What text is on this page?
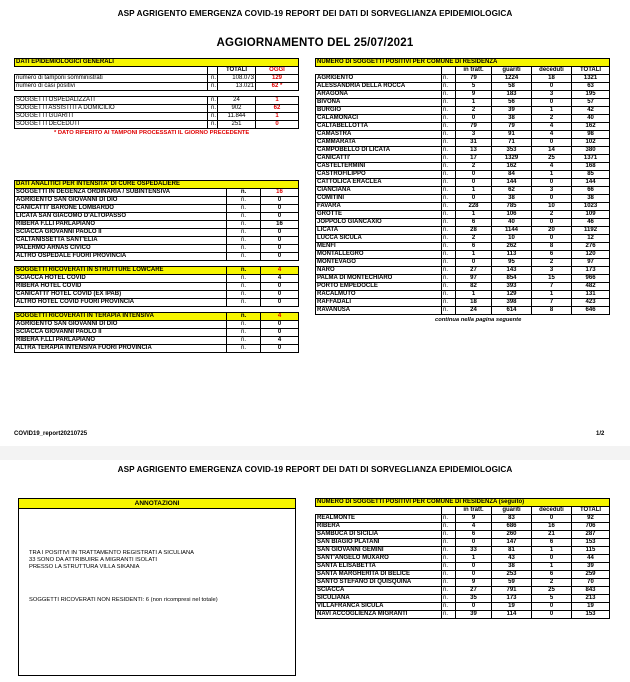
ASP AGRIGENTO EMERGENZA COVID-19 REPORT DEI DATI DI SORVEGLIANZA EPIDEMIOLOGICA
AGGIORNAMENTO DEL 25/07/2021
DATI EPIDEMIOLOGICI GENERALI			
		TOTALI	OGGI
numero di tamponi somministrati	n.	108.073	129
numero di casi positivi	n.	13.021	62 *

SOGGETTI OSPEDALIZZATI	n.	24	1
SOGGETTI ASSISTITI A DOMICILIO	n.	902	62
SOGGETTI GUARITI	n.	11.844	1
SOGGETTI DECEDUTI	n.	251	0
* DATO RIFERITO AI TAMPONI PROCESSATI IL GIORNO PRECEDENTE
DATI ANALITICI PER INTENSITA' DI CURE OSPEDALIERE		
SOGGETTI IN DEGENZA ORDINARIA / SUBINTENSIVA	n.	16
AGRIGENTO SAN GIOVANNI DI DIO	n.	0
CANICATTI' BARONE LOMBARDO	n.	0
LICATA SAN GIACOMO D'ALTOPASSO	n.	0
RIBERA F.LLI PARLAPIANO	n.	16
SCIACCA GIOVANNI PAOLO II	n.	0
CALTANISSETTA SANT'ELIA	n.	0
PALERMO ARNAS CIVICO	n.	0
ALTRO OSPEDALE FUORI PROVINCIA	n.	0

SOGGETTI RICOVERATI IN STRUTTURE LOWCARE	n.	4
SCIACCA HOTEL COVID	n.	4
RIBERA HOTEL COVID	n.	0
CANICATTI' HOTEL COVID (EX IPAB)	n.	0
ALTRO HOTEL COVID FUORI PROVINCIA	n.	0

SOGGETTI RICOVERATI IN TERAPIA INTENSIVA	n.	4
AGRIGENTO SAN GIOVANNI DI DIO	n.	0
SCIACCA GIOVANNI PAOLO II	n.	0
RIBERA F.LLI PARLAPIANO	n.	4
ALTRA TERAPIA INTENSIVA FUORI PROVINCIA	n.	0
NUMERO DI SOGGETTI POSITIVI PER COMUNE DI RESIDENZA					
		in tratt.	guariti	deceduti	TOTALI
AGRIGENTO	n.	79	1224	18	1321
ALESSANDRIA DELLA ROCCA	n.	5	58	0	63
ARAGONA	n.	9	183	3	195
BIVONA	n.	1	56	0	57
BURGIO	n.	2	39	1	42
CALAMONACI	n.	0	38	2	40
CALTABELLOTTA	n.	79	79	4	162
CAMASTRA	n.	3	91	4	98
CAMMARATA	n.	31	71	0	102
CAMPOBELLO DI LICATA	n.	13	353	14	380
CANICATTI'	n.	17	1329	25	1371
CASTELTERMINI	n.	2	162	4	168
CASTROFILIPPO	n.	0	84	1	85
CATTOLICA ERACLEA	n.	0	144	0	144
CIANCIANA	n.	1	62	3	66
COMITINI	n.	0	38	0	38
FAVARA	n.	228	785	10	1023
GROTTE	n.	1	106	2	109
JOPPOLO GIANCAXIO	n.	6	40	0	46
LICATA	n.	28	1144	20	1192
LUCCA SICULA	n.	2	10	0	12
MENFI	n.	6	262	8	276
MONTALLEGRO	n.	1	113	6	120
MONTEVAGO	n.	0	95	2	97
NARO	n.	27	143	3	173
PALMA DI MONTECHIARO	n.	97	854	15	966
PORTO EMPEDOCLE	n.	82	393	7	482
RACALMUTO	n.	1	129	1	131
RAFFADALI	n.	18	398	7	423
RAVANUSA	n.	24	614	8	646
continua nella pagina seguente
COVID19_report20210725	1/2
ASP AGRIGENTO EMERGENZA COVID-19 REPORT DEI DATI DI SORVEGLIANZA EPIDEMIOLOGICA
ANNOTAZIONI
TRA I POSITIVI IN TRATTAMENTO REGISTRATI A SICULIANA
33 SONO DA ATTRIBUIRE A MIGRANTI ISOLATI
PRESSO LA STRUTTURA VILLA SIKANIA
SOGGETTI RICOVERATI NON RESIDENTI: 6 (non ricompresi nel totale)
NUMERO DI SOGGETTI POSITIVI PER COMUNE DI RESIDENZA (seguito)					
		in tratt.	guariti	deceduti	TOTALI
REALMONTE	n.	9	83	0	92
RIBERA	n.	4	686	16	706
SAMBUCA DI SICILIA	n.	6	260	21	287
SAN BIAGIO PLATANI	n.	0	147	6	153
SAN GIOVANNI GEMINI	n.	33	81	1	115
SANT'ANGELO MUXARO	n.	1	43	0	44
SANTA ELISABETTA	n.	0	38	1	39
SANTA MARGHERITA DI BELICE	n.	0	253	6	259
SANTO STEFANO DI QUISQUINA	n.	9	59	2	70
SCIACCA	n.	27	791	25	843
SICULIANA	n.	35	173	5	213
VILLAFRANCA SICULA	n.	0	19	0	19
NAVI ACCOGLIENZA MIGRANTI	n.	39	114	0	153
